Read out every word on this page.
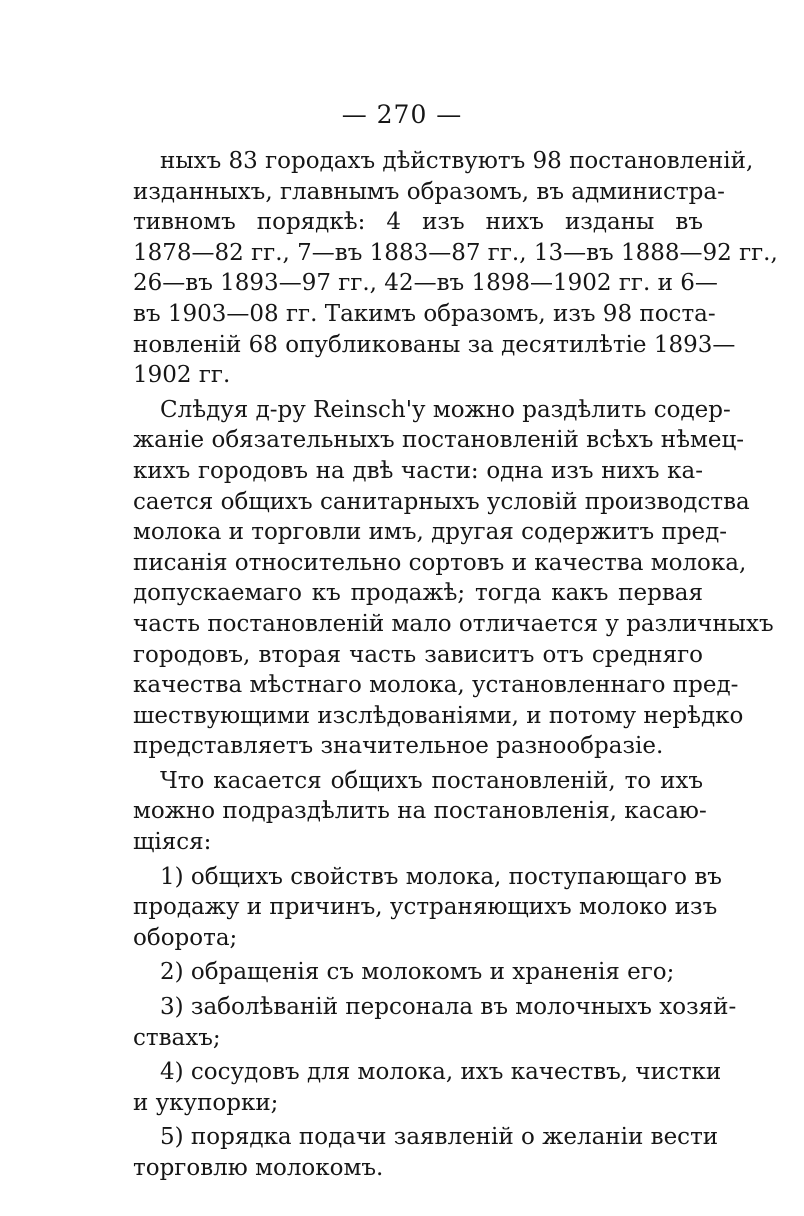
— 270 —
ныхъ 83 городахъ дѣйствуютъ 98 постановленій,
изданныхъ, главнымъ образомъ, въ администра-
тивномъ порядкѣ: 4 изъ нихъ изданы въ
1878—82 гг., 7—въ 1883—87 гг., 13—въ 1888—92 гг.,
26—въ 1893—97 гг., 42—въ 1898—1902 гг. и 6—
въ 1903—08 гг. Такимъ образомъ, изъ 98 поста-
новленій 68 опубликованы за десятилѣтіе 1893—
1902 гг.
Слѣдуя д-ру Reinsch'у можно раздѣлить содер-
жаніе обязательныхъ постановленій всѣхъ нѣмец-
кихъ городовъ на двѣ части: одна изъ нихъ ка-
сается общихъ санитарныхъ условій производства
молока и торговли имъ, другая содержитъ пред-
писанія относительно сортовъ и качества молока,
допускаемаго къ продажѣ; тогда какъ первая
часть постановленій мало отличается у различныхъ
городовъ, вторая часть зависитъ отъ средняго
качества мѣстнаго молока, установленнаго пред-
шествующими изслѣдованіями, и потому нерѣдко
представляетъ значительное разнообразіе.
Что касается общихъ постановленій, то ихъ
можно подраздѣлить на постановленія, касаю-
щіяся:
1) общихъ свойствъ молока, поступающаго въ
продажу и причинъ, устраняющихъ молоко изъ
оборота;
2) обращенія съ молокомъ и храненія его;
3) заболѣваній персонала въ молочныхъ хозяй-
ствахъ;
4) сосудовъ для молока, ихъ качествъ, чистки
и укупорки;
5) порядка подачи заявленій о желаніи вести
торговлю молокомъ.
